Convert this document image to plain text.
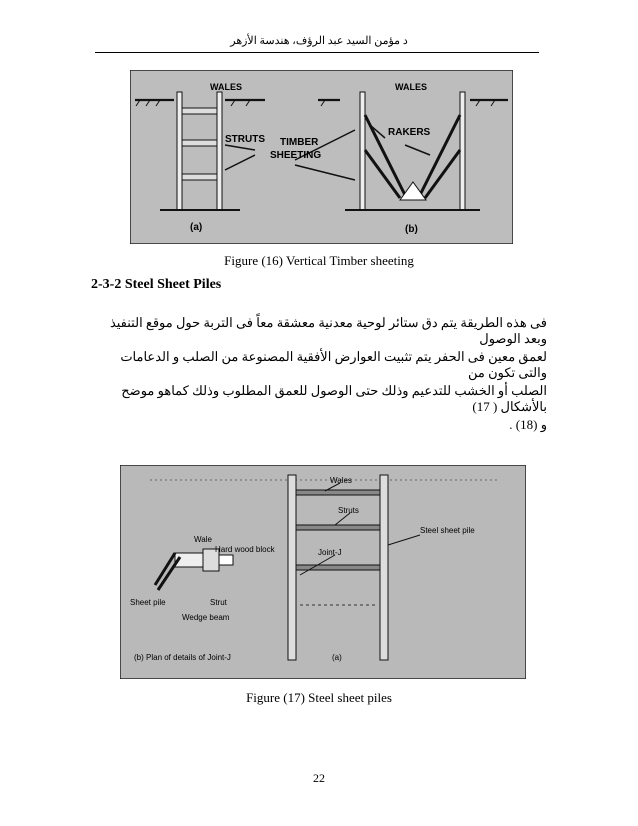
د مؤمن السيد عبد الرؤف، هندسة الأزهر
WALES	WALES
STRUTS TIMBER
SHEETING
RAKERS
(a)	(b)
Figure (16) Vertical Timber sheeting
2-3-2 Steel Sheet Piles
فى هذه الطريقة يتم دق ستائر لوحية معدنية معشقة معاً فى التربة حول موقع التنفيذ وبعد الوصول
لعمق معين فى الحفر يتم تثبيت العوارض الأفقية المصنوعة من الصلب و الدعامات والتى تكون من
الصلب أو الخشب للتدعيم وذلك حتى الوصول للعمق المطلوب وذلك كماهو موضح بالأشكال ( 17)
و (18) .
Wales
Struts
Joint-J
Steel sheet pile
Wale
Hard wood block
Sheet pile	Strut
Wedge beam
(b) Plan of details of Joint-J	(a)
Figure (17) Steel sheet piles
22
